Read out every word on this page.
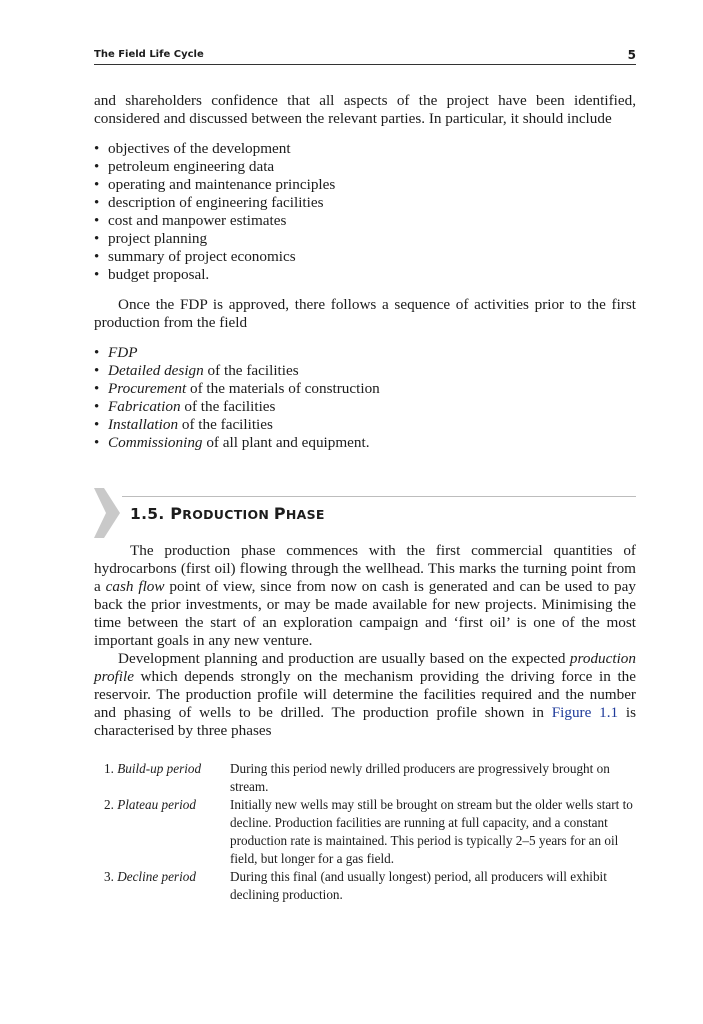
The Field Life Cycle	5

and shareholders confidence that all aspects of the project have been identified, considered and discussed between the relevant parties. In particular, it should include

• objectives of the development
• petroleum engineering data
• operating and maintenance principles
• description of engineering facilities
• cost and manpower estimates
• project planning
• summary of project economics
• budget proposal.

Once the FDP is approved, there follows a sequence of activities prior to the first production from the field

• FDP
• Detailed design of the facilities
• Procurement of the materials of construction
• Fabrication of the facilities
• Installation of the facilities
• Commissioning of all plant and equipment.
1.5. PRODUCTION PHASE

The production phase commences with the first commercial quantities of hydrocarbons (first oil) flowing through the wellhead. This marks the turning point from a cash flow point of view, since from now on cash is generated and can be used to pay back the prior investments, or may be made available for new projects. Minimising the time between the start of an exploration campaign and ‘first oil’ is one of the most important goals in any new venture.

Development planning and production are usually based on the expected production profile which depends strongly on the mechanism providing the driving force in the reservoir. The production profile will determine the facilities required and the number and phasing of wells to be drilled. The production profile shown in Figure 1.1 is characterised by three phases

1. Build-up period	During this period newly drilled producers are progressively brought on stream.
2. Plateau period	Initially new wells may still be brought on stream but the older wells start to decline. Production facilities are running at full capacity, and a constant production rate is maintained. This period is typically 2–5 years for an oil field, but longer for a gas field.
3. Decline period	During this final (and usually longest) period, all producers will exhibit declining production.
